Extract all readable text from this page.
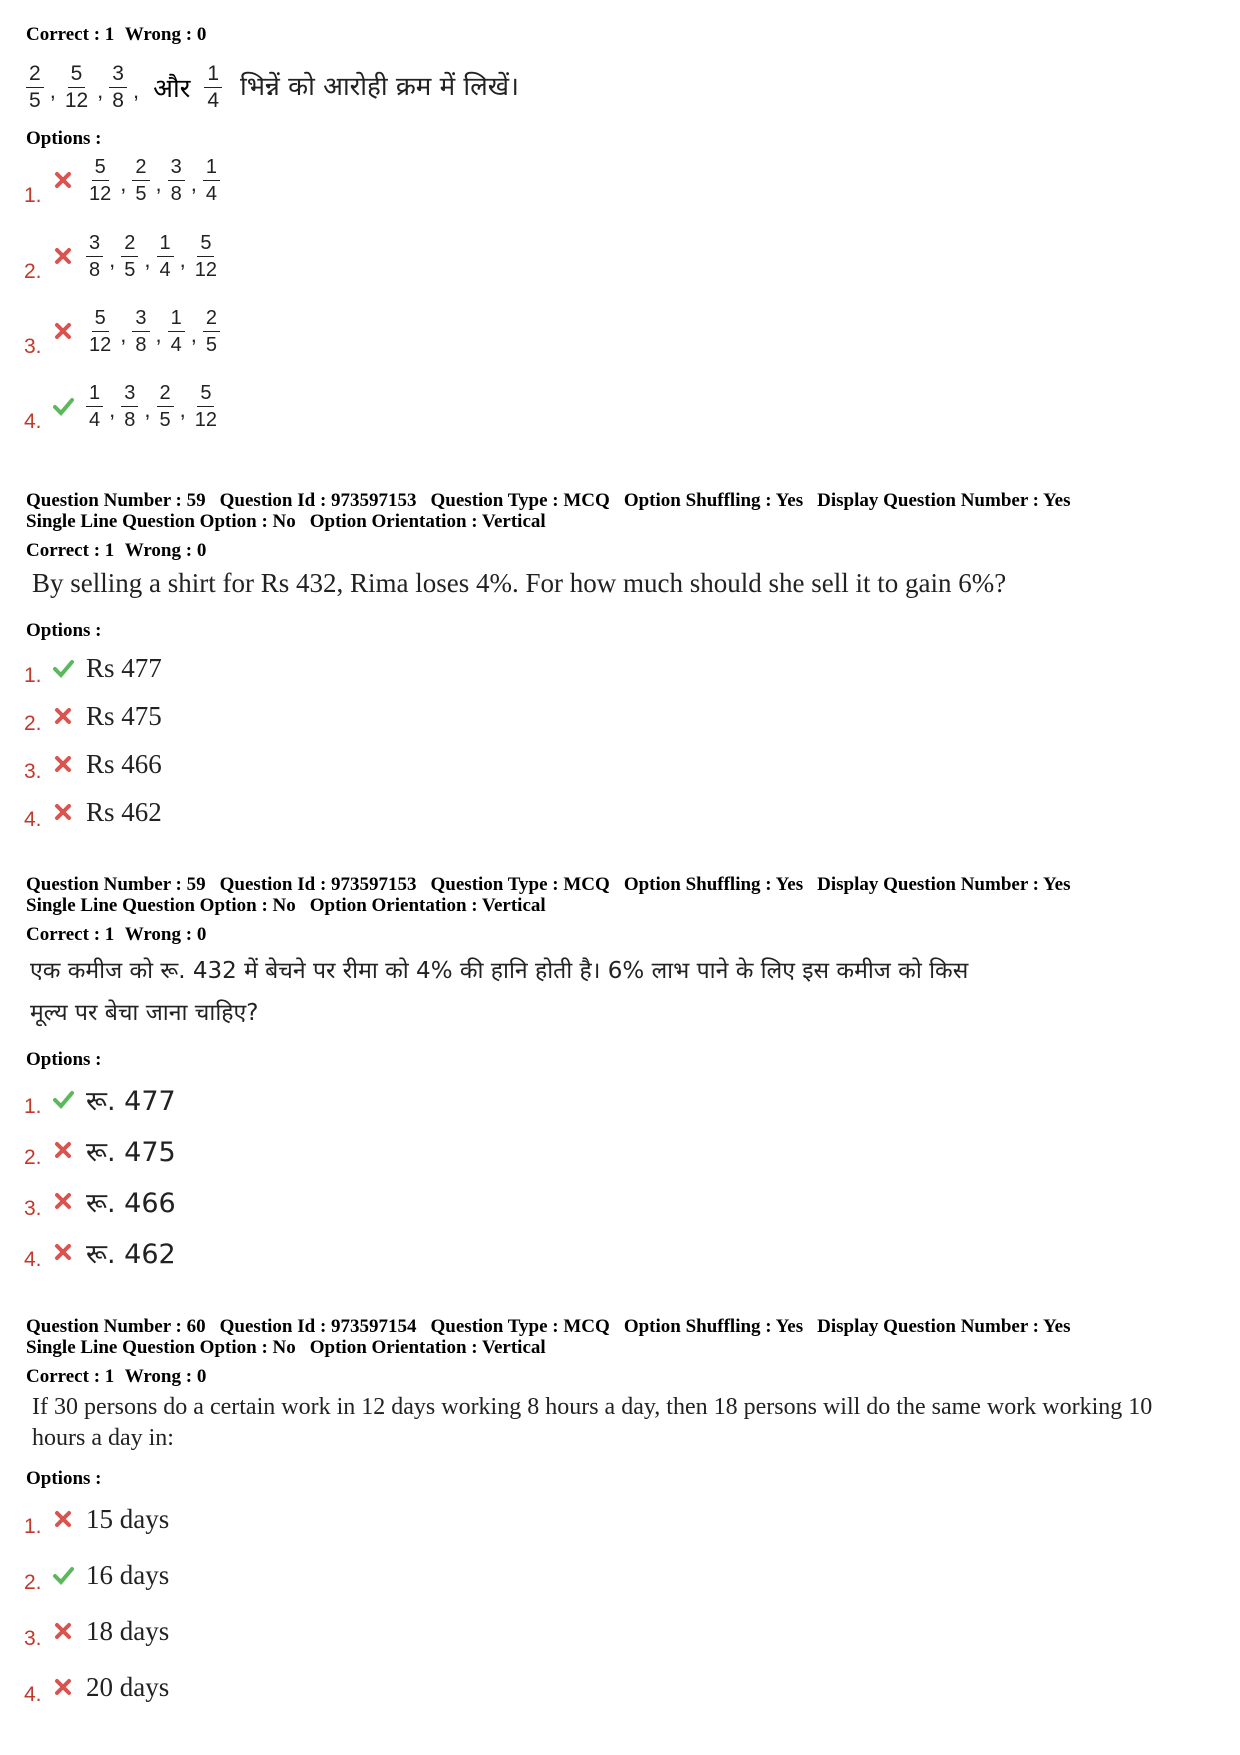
Correct : 1 Wrong : 0
$\frac{2}{5}$ , $\frac{5}{12}$ , $\frac{3}{8}$ , और $\frac{1}{4}$ भिन्नें को आरोही क्रम में लिखें।
Options :
1. $\frac{5}{12}$ , $\frac{2}{5}$ , $\frac{3}{8}$ , $\frac{1}{4}$
2. $\frac{3}{8}$ , $\frac{2}{5}$ , $\frac{1}{4}$ , $\frac{5}{12}$
3. $\frac{5}{12}$ , $\frac{3}{8}$ , $\frac{1}{4}$ , $\frac{2}{5}$
4. $\frac{1}{4}$ , $\frac{3}{8}$ , $\frac{2}{5}$ , $\frac{5}{12}$
Question Number : 59 Question Id : 973597153 Question Type : MCQ Option Shuffling : Yes Display Question Number : Yes
Single Line Question Option : No Option Orientation : Vertical
Correct : 1 Wrong : 0
By selling a shirt for Rs 432, Rima loses 4%. For how much should she sell it to gain 6%?
Options :
1. Rs 477
2. Rs 475
3. Rs 466
4. Rs 462
Question Number : 59 Question Id : 973597153 Question Type : MCQ Option Shuffling : Yes Display Question Number : Yes
Single Line Question Option : No Option Orientation : Vertical
Correct : 1 Wrong : 0
एक कमीज को रू. 432 में बेचने पर रीमा को 4% की हानि होती है। 6% लाभ पाने के लिए इस कमीज को किस
मूल्य पर बेचा जाना चाहिए?
Options :
1. रू. 477
2. रू. 475
3. रू. 466
4. रू. 462
Question Number : 60 Question Id : 973597154 Question Type : MCQ Option Shuffling : Yes Display Question Number : Yes
Single Line Question Option : No Option Orientation : Vertical
Correct : 1 Wrong : 0
If 30 persons do a certain work in 12 days working 8 hours a day, then 18 persons will do the same work working 10
hours a day in:
Options :
1. 15 days
2. 16 days
3. 18 days
4. 20 days
